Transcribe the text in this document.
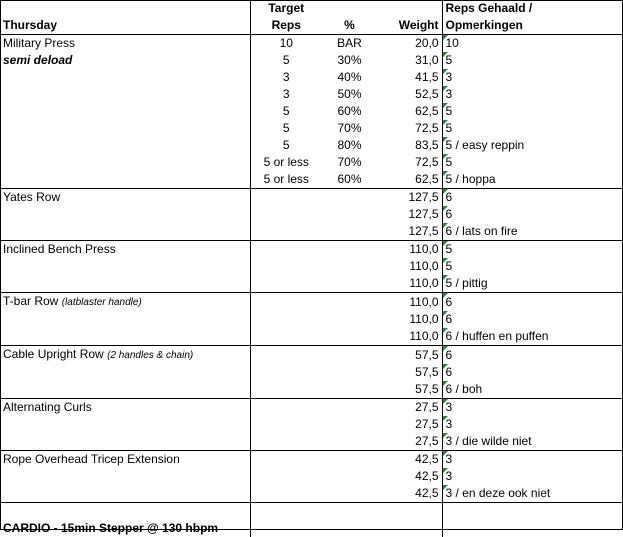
	Target			Reps Gehaald /
Thursday	Reps	%	Weight	Opmerkingen
Military Press	10	BAR	20,0	10
semi deload	5	30%	31,0	5
	3	40%	41,5	3
	3	50%	52,5	3
	5	60%	62,5	5
	5	70%	72,5	5
	5	80%	83,5	5 / easy reppin
	5 or less	70%	72,5	5
	5 or less	60%	62,5	5 / hoppa
Yates Row			127,5	6
			127,5	6
			127,5	6 / lats on fire
Inclined Bench Press			110,0	5
			110,0	5
			110,0	5 / pittig
T-bar Row (latblaster handle)			110,0	6
			110,0	6
			110,0	6 / huffen en puffen
Cable Upright Row (2 handles & chain)			57,5	6
			57,5	6
			57,5	6 / boh
Alternating Curls			27,5	3
			27,5	3
			27,5	3 / die wilde niet
Rope Overhead Tricep Extension			42,5	3
			42,5	3
			42,5	3 / en deze ook niet

CARDIO - 15min Stepper @ 130 hbpm				
